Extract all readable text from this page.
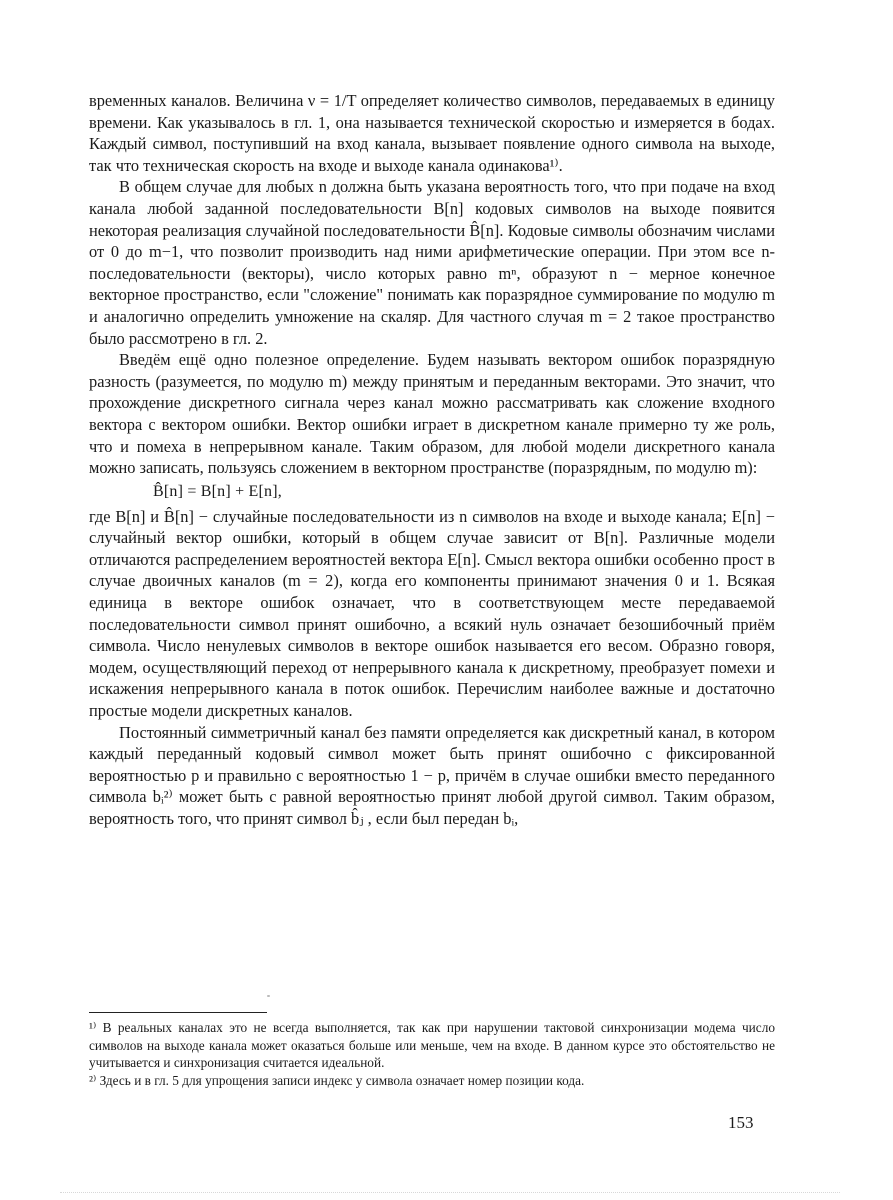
временных каналов. Величина ν = 1/T определяет количество символов, передаваемых в единицу времени. Как указывалось в гл. 1, она называется технической скоростью и измеряется в бодах. Каждый символ, поступивший на вход канала, вызывает появление одного символа на выходе, так что техническая скорость на входе и выходе канала одинакова¹⁾.

В общем случае для любых n должна быть указана вероятность того, что при подаче на вход канала любой заданной последовательности B[n] кодовых символов на выходе появится некоторая реализация случайной последовательности B̂[n]. Кодовые символы обозначим числами от 0 до m−1, что позволит производить над ними арифметические операции. При этом все n-последовательности (векторы), число которых равно mⁿ, образуют n − мерное конечное векторное пространство, если "сложение" понимать как поразрядное суммирование по модулю m и аналогично определить умножение на скаляр. Для частного случая m = 2 такое пространство было рассмотрено в гл. 2.

Введём ещё одно полезное определение. Будем называть вектором ошибок поразрядную разность (разумеется, по модулю m) между принятым и переданным векторами. Это значит, что прохождение дискретного сигнала через канал можно рассматривать как сложение входного вектора с вектором ошибки. Вектор ошибки играет в дискретном канале примерно ту же роль, что и помеха в непрерывном канале. Таким образом, для любой модели дискретного канала можно записать, пользуясь сложением в векторном пространстве (поразрядным, по модулю m):

B̂[n] = B[n] + E[n],

где B[n] и B̂[n] − случайные последовательности из n символов на входе и выходе канала; E[n] − случайный вектор ошибки, который в общем случае зависит от B[n]. Различные модели отличаются распределением вероятностей вектора E[n]. Смысл вектора ошибки особенно прост в случае двоичных каналов (m = 2), когда его компоненты принимают значения 0 и 1. Всякая единица в векторе ошибок означает, что в соответствующем месте передаваемой последовательности символ принят ошибочно, а всякий нуль означает безошибочный приём символа. Число ненулевых символов в векторе ошибок называется его весом. Образно говоря, модем, осуществляющий переход от непрерывного канала к дискретному, преобразует помехи и искажения непрерывного канала в поток ошибок. Перечислим наиболее важные и достаточно простые модели дискретных каналов.

Постоянный симметричный канал без памяти определяется как дискретный канал, в котором каждый переданный кодовый символ может быть принят ошибочно с фиксированной вероятностью p и правильно с вероятностью 1 − p, причём в случае ошибки вместо переданного символа bᵢ²⁾ может быть с равной вероятностью принят любой другой символ. Таким образом, вероятность того, что принят символ b̂ⱼ , если был передан bᵢ,

¹⁾ В реальных каналах это не всегда выполняется, так как при нарушении тактовой синхронизации модема число символов на выходе канала может оказаться больше или меньше, чем на входе. В данном курсе это обстоятельство не учитывается и синхронизация считается идеальной.

²⁾ Здесь и в гл. 5 для упрощения записи индекс у символа означает номер позиции кода.

153
